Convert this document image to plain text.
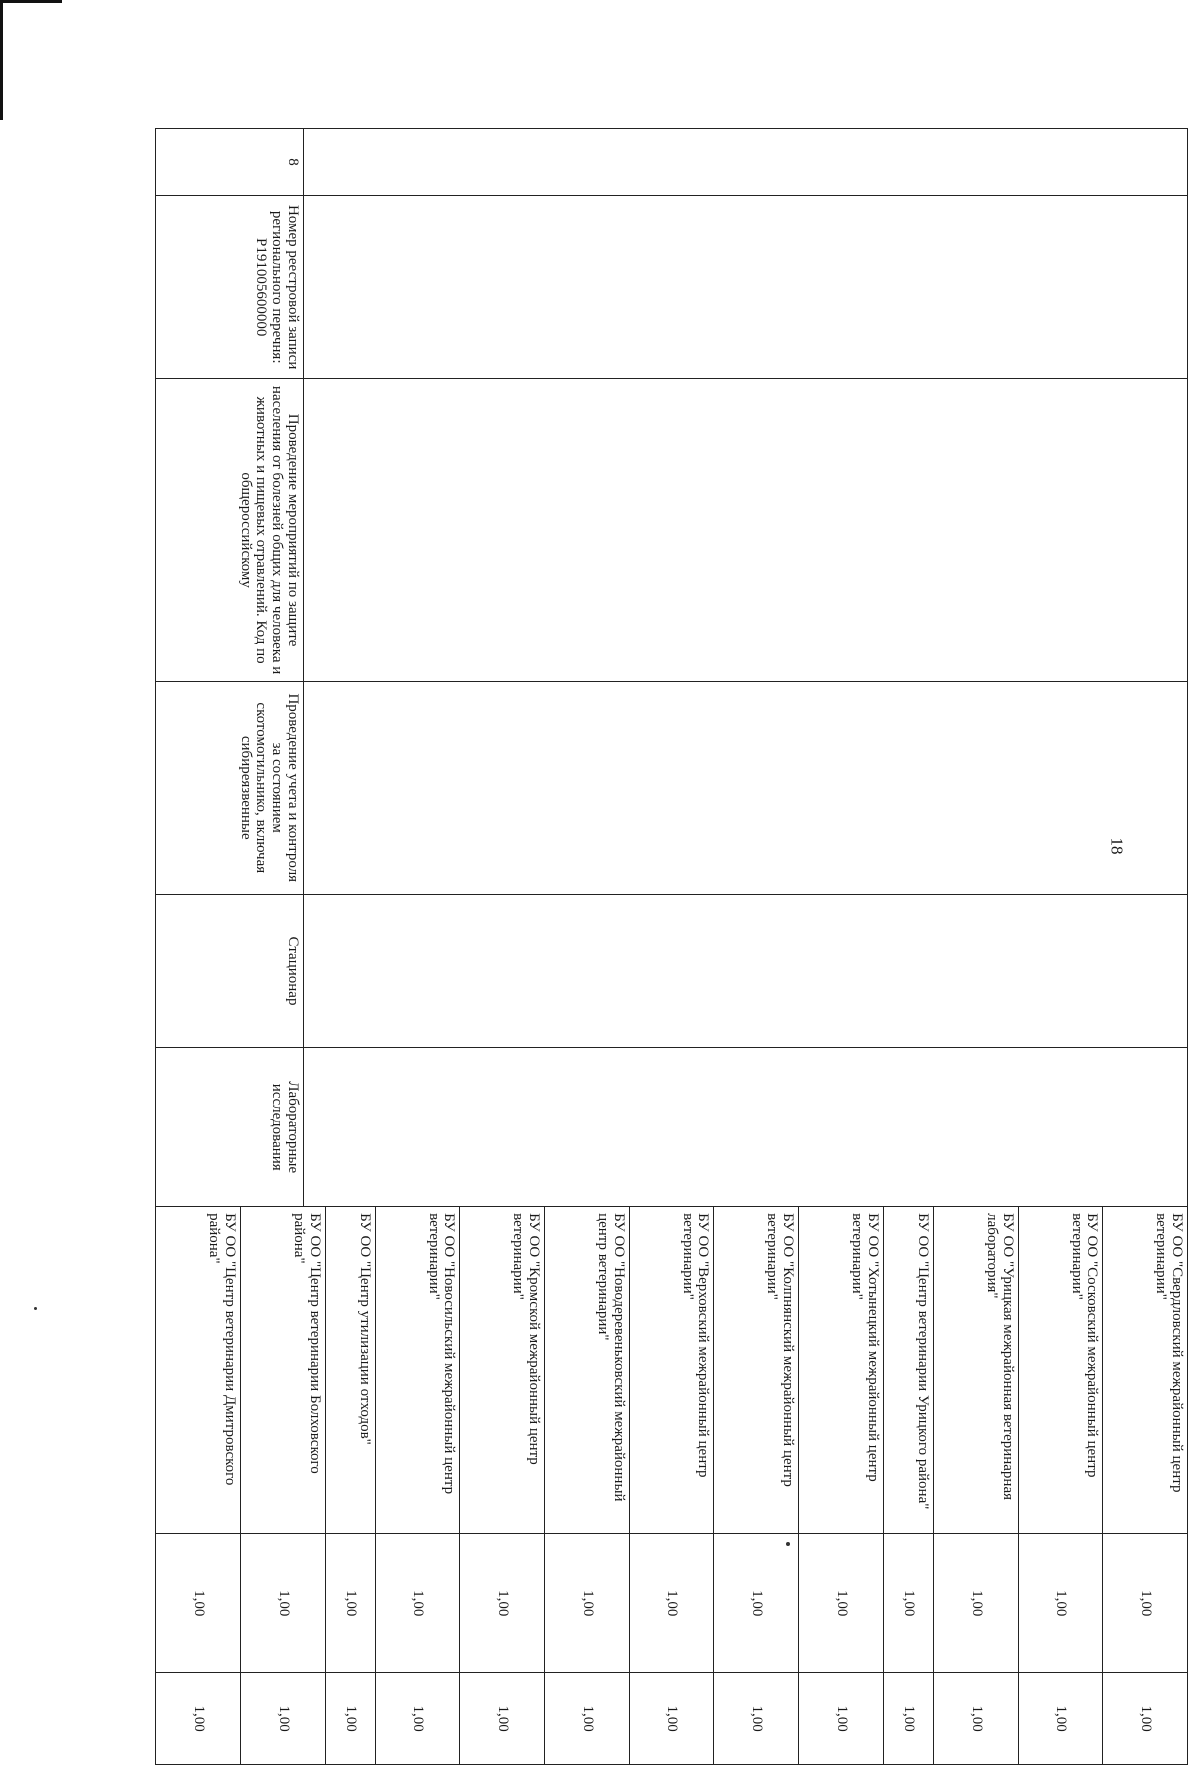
18
8	Номер реестровой записи регионального перечня: Р191005600000	Проведение мероприятий по защите населения от болезней общих для человека и животных и пищевых отравлений. Код по общероссийскому	Проведение учета и контроля за состоянием скотомогильнико, включая сибиреязвенные	Стационар	Лабораторные исследования	БУ ОО "Свердловский межрайонный центр ветеринарии"	1,00	1,00
						БУ ОО "Сосковский межрайонный центр ветеринарии"	1,00	1,00
						БУ ОО "Урицкая межрайонная ветеринарная лаборатория"	1,00	1,00
						БУ ОО "Центр ветеринарии Урицкого района"	1,00	1,00
						БУ ОО "Хотынецкий межрайонный центр ветеринарии"	1,00	1,00
						БУ ОО "Колпнянский межрайонный центр ветеринарии"	1,00	1,00
						БУ ОО "Верховский межрайонный центр ветеринарии"	1,00	1,00
						БУ ОО "Новодеревеньковский межрайонный центр ветеринарии"	1,00	1,00
						БУ ОО "Кромской межрайонный центр ветеринарии"	1,00	1,00
						БУ ОО "Новосильский межрайонный центр ветеринарии"	1,00	1,00
						БУ ОО "Центр утилизации отходов"	1,00	1,00
						БУ ОО "Центр ветеринарии Болховского района"	1,00	1,00
						БУ ОО "Центр ветеринарии Дмитровского района"	1,00	1,00
